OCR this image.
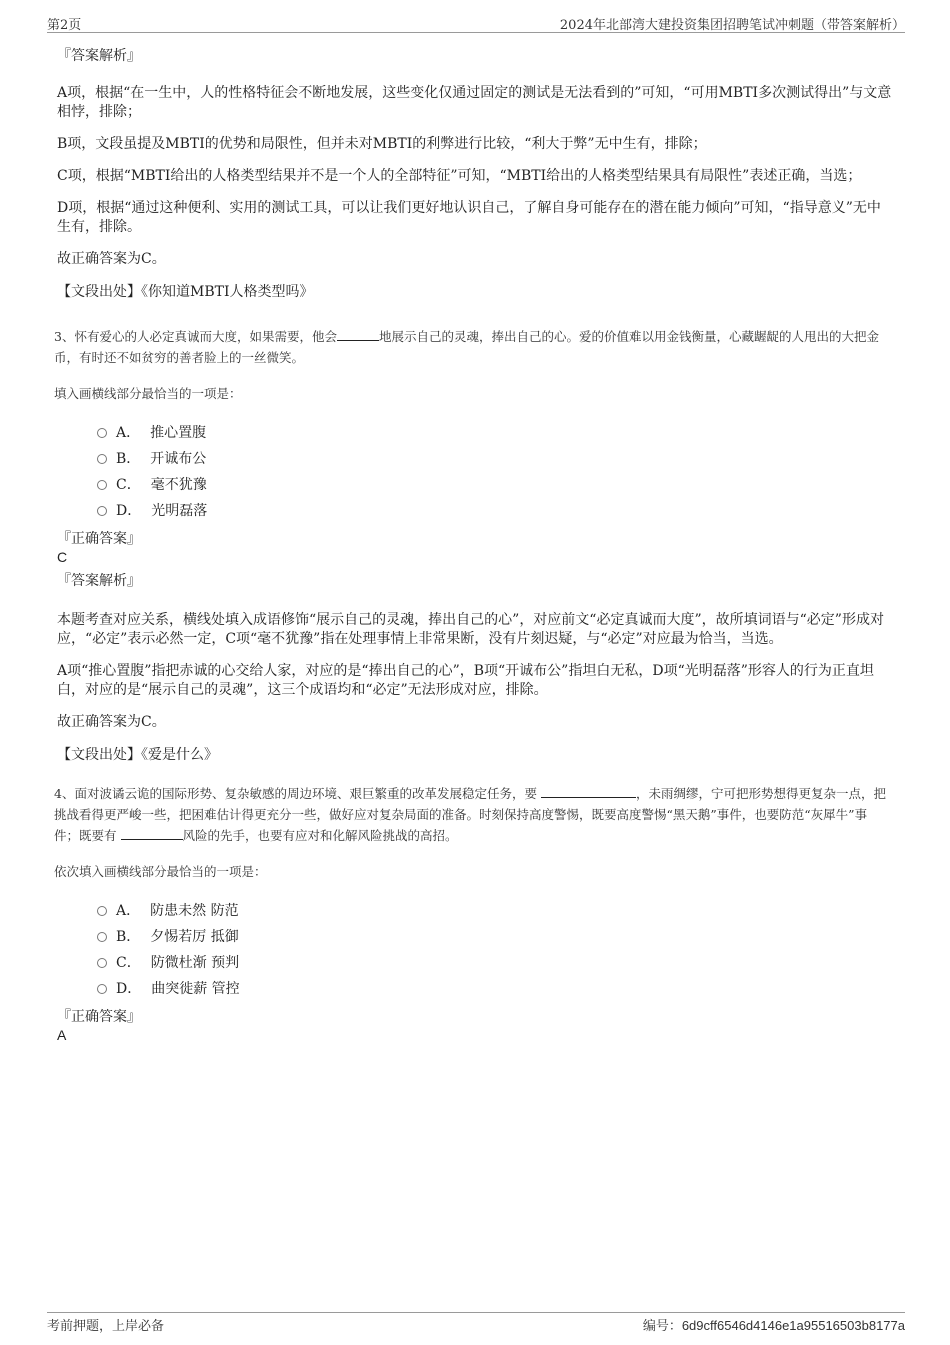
第2页	2024年北部湾大建投资集团招聘笔试冲刺题（带答案解析）
『答案解析』

A项，根据“在一生中，人的性格特征会不断地发展，这些变化仅通过固定的测试是无法看到的”可知，“可用MBTI多次测试得出”与文意相悖，排除；

B项，文段虽提及MBTI的优势和局限性，但并未对MBTI的利弊进行比较，“利大于弊”无中生有，排除；

C项，根据“MBTI给出的人格类型结果并不是一个人的全部特征”可知，“MBTI给出的人格类型结果具有局限性”表述正确，当选；

D项，根据“通过这种便利、实用的测试工具，可以让我们更好地认识自己，了解自身可能存在的潜在能力倾向”可知，“指导意义”无中生有，排除。

故正确答案为C。

【文段出处】《你知道MBTI人格类型吗》

3、怀有爱心的人必定真诚而大度，如果需要，他会	地展示自己的灵魂，捧出自己的心。爱的价值难以用金钱衡量，心藏龌龊的人甩出的大把金币，有时还不如贫穷的善者脸上的一丝微笑。

填入画横线部分最恰当的一项是：

A． 推心置腹
B． 开诚布公
C． 毫不犹豫
D． 光明磊落
『正确答案』
C
『答案解析』

本题考查对应关系，横线处填入成语修饰“展示自己的灵魂，捧出自己的心”，对应前文“必定真诚而大度”，故所填词语与“必定”形成对应，“必定”表示必然一定，C项“毫不犹豫”指在处理事情上非常果断，没有片刻迟疑，与“必定”对应最为恰当，当选。

A项“推心置腹”指把赤诚的心交给人家，对应的是“捧出自己的心”，B项“开诚布公”指坦白无私，D项“光明磊落”形容人的行为正直坦白，对应的是“展示自己的灵魂”，这三个成语均和“必定”无法形成对应，排除。

故正确答案为C。

【文段出处】《爱是什么》

4、面对波谲云诡的国际形势、复杂敏感的周边环境、艰巨繁重的改革发展稳定任务，要	，未雨绸缪，宁可把形势想得更复杂一点，把挑战看得更严峻一些，把困难估计得更充分一些，做好应对复杂局面的准备。时刻保持高度警惕，既要高度警惕“黑天鹅”事件，也要防范“灰犀牛”事件；既要有	风险的先手，也要有应对和化解风险挑战的高招。

依次填入画横线部分最恰当的一项是：

A． 防患未然 防范
B． 夕惕若厉 抵御
C． 防微杜渐 预判
D． 曲突徙薪 管控
『正确答案』
A
考前押题，上岸必备	编号：6d9cff6546d4146e1a95516503b8177a
